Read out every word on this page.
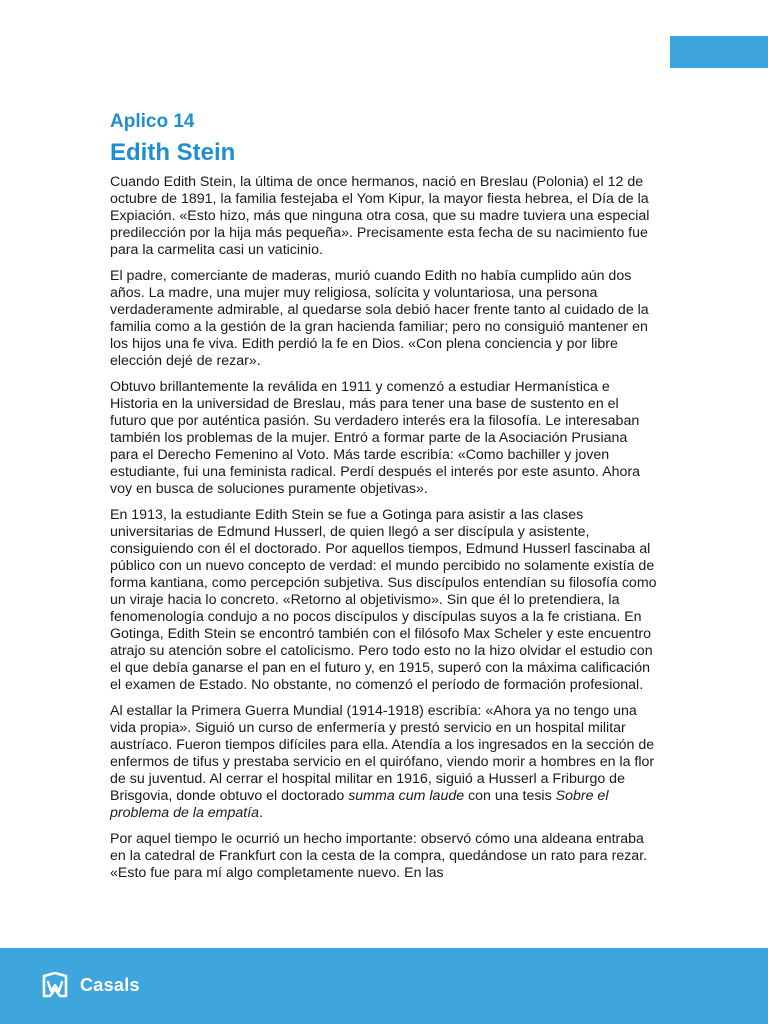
Aplico 14
Edith Stein

Cuando Edith Stein, la última de once hermanos, nació en Breslau (Polonia) el 12 de octubre de 1891, la familia festejaba el Yom Kipur, la mayor fiesta hebrea, el Día de la Expiación. «Esto hizo, más que ninguna otra cosa, que su madre tuviera una especial predilección por la hija más pequeña». Precisamente esta fecha de su nacimiento fue para la carmelita casi un vaticinio.

El padre, comerciante de maderas, murió cuando Edith no había cumplido aún dos años. La madre, una mujer muy religiosa, solícita y voluntariosa, una persona verdaderamente admirable, al quedarse sola debió hacer frente tanto al cuidado de la familia como a la gestión de la gran hacienda familiar; pero no consiguió mantener en los hijos una fe viva. Edith perdió la fe en Dios. «Con plena conciencia y por libre elección dejé de rezar».

Obtuvo brillantemente la reválida en 1911 y comenzó a estudiar Hermanística e Historia en la universidad de Breslau, más para tener una base de sustento en el futuro que por auténtica pasión. Su verdadero interés era la filosofía. Le interesaban también los problemas de la mujer. Entró a formar parte de la Asociación Prusiana para el Derecho Femenino al Voto. Más tarde escribía: «Como bachiller y joven estudiante, fui una feminista radical. Perdí después el interés por este asunto. Ahora voy en busca de soluciones puramente objetivas».

En 1913, la estudiante Edith Stein se fue a Gotinga para asistir a las clases universitarias de Edmund Husserl, de quien llegó a ser discípula y asistente, consiguiendo con él el doctorado. Por aquellos tiempos, Edmund Husserl fascinaba al público con un nuevo concepto de verdad: el mundo percibido no solamente existía de forma kantiana, como percepción subjetiva. Sus discípulos entendían su filosofía como un viraje hacia lo concreto. «Retorno al objetivismo». Sin que él lo pretendiera, la fenomenología condujo a no pocos discípulos y discípulas suyos a la fe cristiana. En Gotinga, Edith Stein se encontró también con el filósofo Max Scheler y este encuentro atrajo su atención sobre el catolicismo. Pero todo esto no la hizo olvidar el estudio con el que debía ganarse el pan en el futuro y, en 1915, superó con la máxima calificación el examen de Estado. No obstante, no comenzó el período de formación profesional.

Al estallar la Primera Guerra Mundial (1914-1918) escribía: «Ahora ya no tengo una vida propia». Siguió un curso de enfermería y prestó servicio en un hospital militar austríaco. Fueron tiempos difíciles para ella. Atendía a los ingresados en la sección de enfermos de tifus y prestaba servicio en el quirófano, viendo morir a hombres en la flor de su juventud. Al cerrar el hospital militar en 1916, siguió a Husserl a Friburgo de Brisgovia, donde obtuvo el doctorado summa cum laude con una tesis Sobre el problema de la empatía.

Por aquel tiempo le ocurrió un hecho importante: observó cómo una aldeana entraba en la catedral de Frankfurt con la cesta de la compra, quedándose un rato para rezar. «Esto fue para mí algo completamente nuevo. En las

Casals
